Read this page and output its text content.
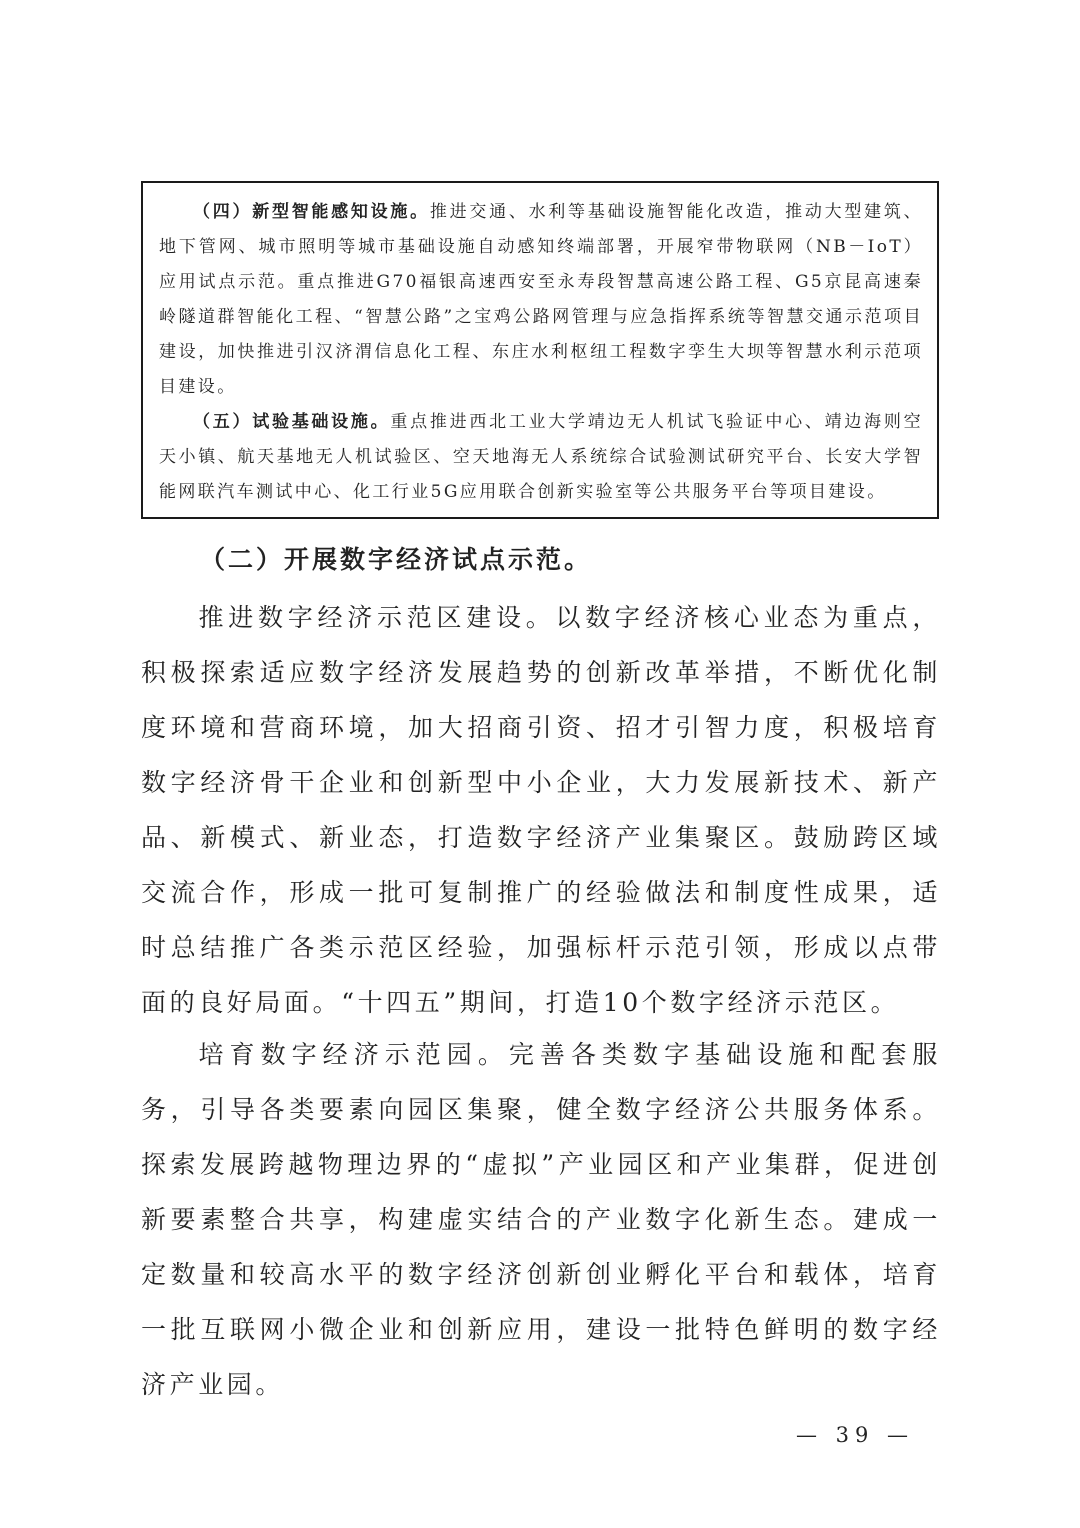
（四）新型智能感知设施。推进交通、水利等基础设施智能化改造，推动大型建筑、地下管网、城市照明等城市基础设施自动感知终端部署，开展窄带物联网（NB－IoT）应用试点示范。重点推进G70福银高速西安至永寿段智慧高速公路工程、G5京昆高速秦岭隧道群智能化工程、“智慧公路”之宝鸡公路网管理与应急指挥系统等智慧交通示范项目建设，加快推进引汉济渭信息化工程、东庄水利枢纽工程数字孪生大坝等智慧水利示范项目建设。

（五）试验基础设施。重点推进西北工业大学靖边无人机试飞验证中心、靖边海则空天小镇、航天基地无人机试验区、空天地海无人系统综合试验测试研究平台、长安大学智能网联汽车测试中心、化工行业5G应用联合创新实验室等公共服务平台等项目建设。

（二）开展数字经济试点示范。

推进数字经济示范区建设。以数字经济核心业态为重点，积极探索适应数字经济发展趋势的创新改革举措，不断优化制度环境和营商环境，加大招商引资、招才引智力度，积极培育数字经济骨干企业和创新型中小企业，大力发展新技术、新产品、新模式、新业态，打造数字经济产业集聚区。鼓励跨区域交流合作，形成一批可复制推广的经验做法和制度性成果，适时总结推广各类示范区经验，加强标杆示范引领，形成以点带面的良好局面。“十四五”期间，打造10个数字经济示范区。

培育数字经济示范园。完善各类数字基础设施和配套服务，引导各类要素向园区集聚，健全数字经济公共服务体系。探索发展跨越物理边界的“虚拟”产业园区和产业集群，促进创新要素整合共享，构建虚实结合的产业数字化新生态。建成一定数量和较高水平的数字经济创新创业孵化平台和载体，培育一批互联网小微企业和创新应用，建设一批特色鲜明的数字经济产业园。

— 39 —
